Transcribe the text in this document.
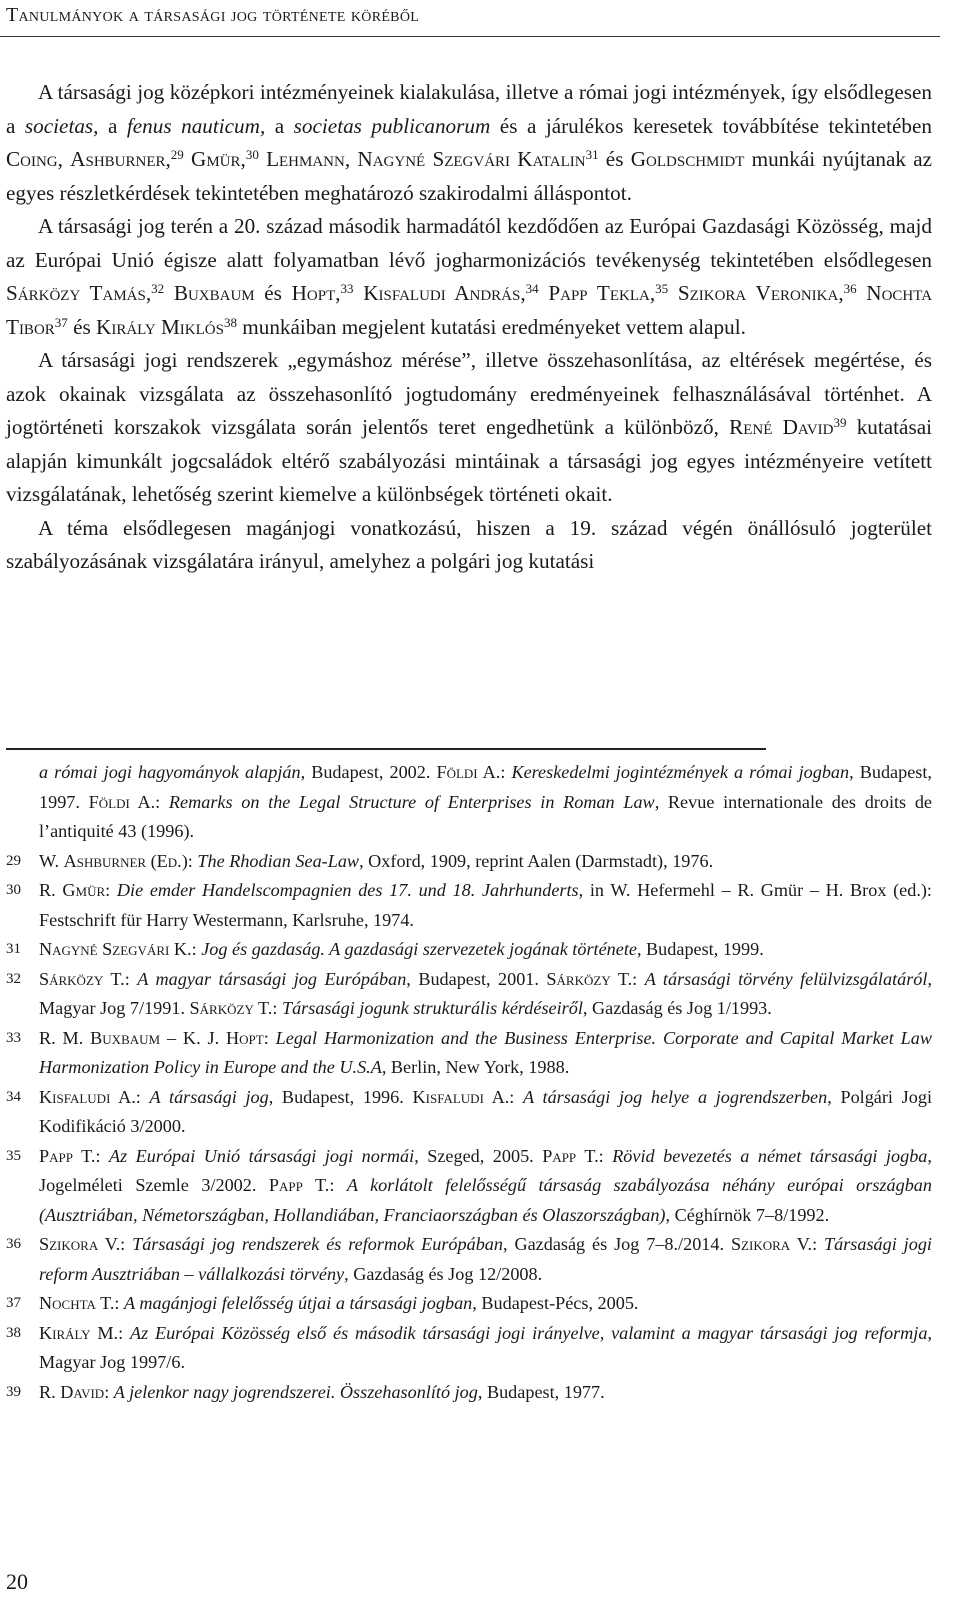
Tanulmányok a társasági jog története köréből

A társasági jog középkori intézményeinek kialakulása, illetve a római jogi intézmények, így elsődlegesen a societas, a fenus nauticum, a societas publicanorum és a járulékos keresetek továbbítése tekintetében Coing, Ashburner,$^{29}$ Gmür,$^{30}$ Lehmann, Nagyné Szegvári Katalin$^{31}$ és Goldschmidt munkái nyújtanak az egyes részletkérdések tekintetében meghatározó szakirodalmi álláspontot.

A társasági jog terén a 20. század második harmadától kezdődően az Európai Gazdasági Közösség, majd az Európai Unió égisze alatt folyamatban lévő jogharmonizációs tevékenység tekintetében elsődlegesen Sárközy Tamás,$^{32}$ Buxbaum és Hopt,$^{33}$ Kisfaludi András,$^{34}$ Papp Tekla,$^{35}$ Szikora Veronika,$^{36}$ Nochta Tibor$^{37}$ és Király Miklós$^{38}$ munkáiban megjelent kutatási eredményeket vettem alapul.

A társasági jogi rendszerek „egymáshoz mérése”, illetve összehasonlítása, az eltérések megértése, és azok okainak vizsgálata az összehasonlító jogtudomány eredményeinek felhasználásával történhet. A jogtörténeti korszakok vizsgálata során jelentős teret engedhetünk a különböző, René David$^{39}$ kutatásai alapján kimunkált jogcsaládok eltérő szabályozási mintáinak a társasági jog egyes intézményeire vetített vizsgálatának, lehetőség szerint kiemelve a különbségek történeti okait.

A téma elsődlegesen magánjogi vonatkozású, hiszen a 19. század végén önállósuló jogterület szabályozásának vizsgálatára irányul, amelyhez a polgári jog kutatási

a római jogi hagyományok alapján, Budapest, 2002. Földi A.: Kereskedelmi jogintézmények a római jogban, Budapest, 1997. Földi A.: Remarks on the Legal Structure of Enterprises in Roman Law, Revue internationale des droits de l’antiquité 43 (1996).
29 W. Ashburner (Ed.): The Rhodian Sea-Law, Oxford, 1909, reprint Aalen (Darmstadt), 1976.
30 R. Gmür: Die emder Handelscompagnien des 17. und 18. Jahrhunderts, in W. Hefermehl – R. Gmür – H. Brox (ed.): Festschrift für Harry Westermann, Karlsruhe, 1974.
31 Nagyné Szegvári K.: Jog és gazdaság. A gazdasági szervezetek jogának története, Budapest, 1999.
32 Sárközy T.: A magyar társasági jog Európában, Budapest, 2001. Sárközy T.: A társasági törvény felülvizsgálatáról, Magyar Jog 7/1991. Sárközy T.: Társasági jogunk strukturális kérdéseiről, Gazdaság és Jog 1/1993.
33 R. M. Buxbaum – K. J. Hopt: Legal Harmonization and the Business Enterprise. Corporate and Capital Market Law Harmonization Policy in Europe and the U.S.A, Berlin, New York, 1988.
34 Kisfaludi A.: A társasági jog, Budapest, 1996. Kisfaludi A.: A társasági jog helye a jogrendszerben, Polgári Jogi Kodifikáció 3/2000.
35 Papp T.: Az Európai Unió társasági jogi normái, Szeged, 2005. Papp T.: Rövid bevezetés a német társasági jogba, Jogelméleti Szemle 3/2002. Papp T.: A korlátolt felelősségű társaság szabályozása néhány európai országban (Ausztriában, Németországban, Hollandiában, Franciaországban és Olaszországban), Céghírnök 7–8/1992.
36 Szikora V.: Társasági jog rendszerek és reformok Európában, Gazdaság és Jog 7–8./2014. Szikora V.: Társasági jogi reform Ausztriában – vállalkozási törvény, Gazdaság és Jog 12/2008.
37 Nochta T.: A magánjogi felelősség útjai a társasági jogban, Budapest-Pécs, 2005.
38 Király M.: Az Európai Közösség első és második társasági jogi irányelve, valamint a magyar társasági jog reformja, Magyar Jog 1997/6.
39 R. David: A jelenkor nagy jogrendszerei. Összehasonlító jog, Budapest, 1977.
20
